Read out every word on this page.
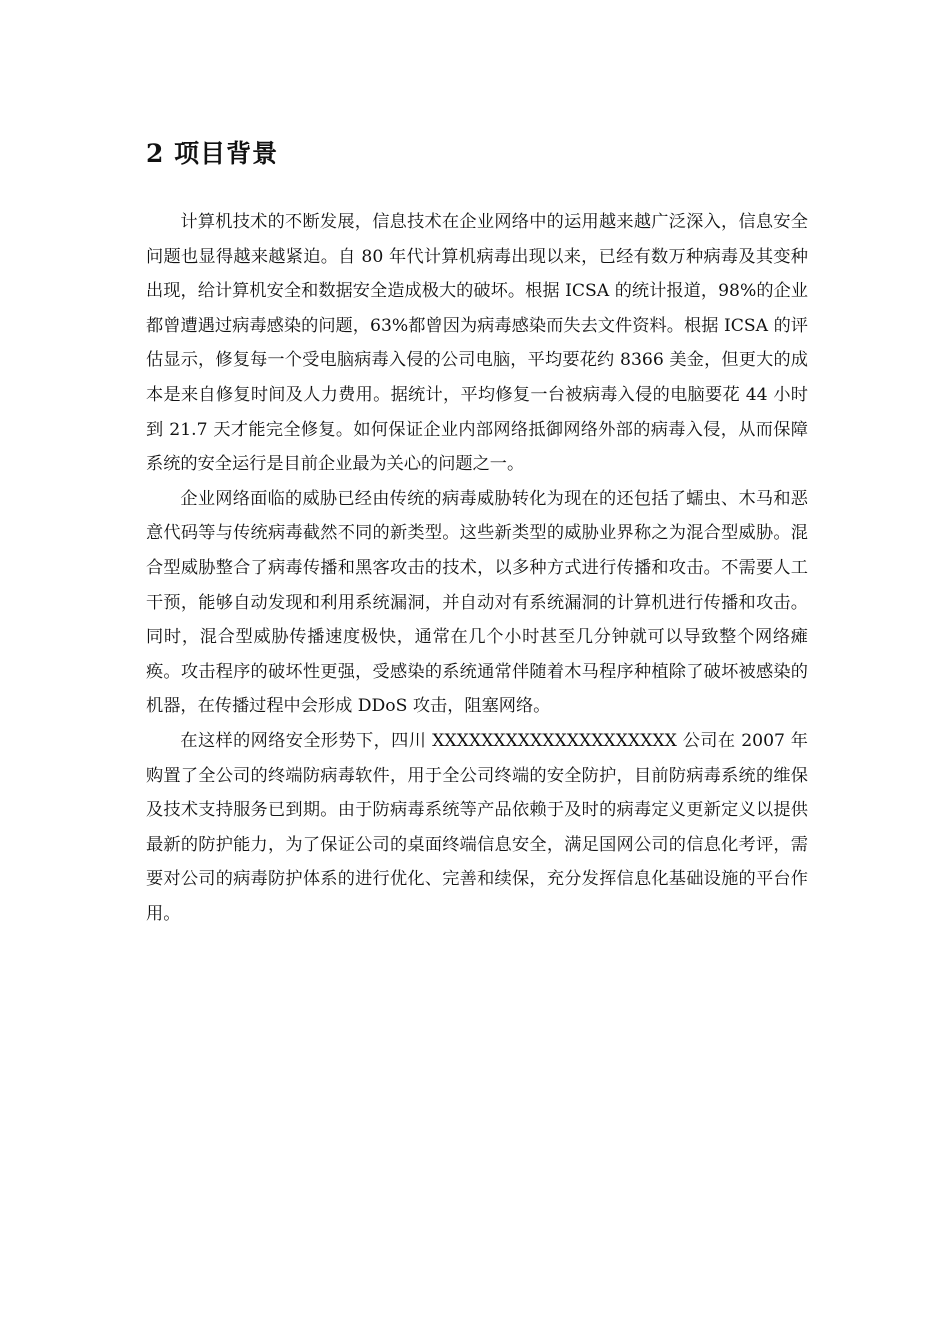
2 项目背景

计算机技术的不断发展，信息技术在企业网络中的运用越来越广泛深入，信息安全问题也显得越来越紧迫。自 80 年代计算机病毒出现以来，已经有数万种病毒及其变种出现，给计算机安全和数据安全造成极大的破坏。根据 ICSA 的统计报道，98%的企业都曾遭遇过病毒感染的问题，63%都曾因为病毒感染而失去文件资料。根据 ICSA 的评估显示，修复每一个受电脑病毒入侵的公司电脑，平均要花约 8366 美金，但更大的成本是来自修复时间及人力费用。据统计，平均修复一台被病毒入侵的电脑要花 44 小时到 21.7 天才能完全修复。如何保证企业内部网络抵御网络外部的病毒入侵，从而保障系统的安全运行是目前企业最为关心的问题之一。

企业网络面临的威胁已经由传统的病毒威胁转化为现在的还包括了蠕虫、木马和恶意代码等与传统病毒截然不同的新类型。这些新类型的威胁业界称之为混合型威胁。混合型威胁整合了病毒传播和黑客攻击的技术，以多种方式进行传播和攻击。不需要人工干预，能够自动发现和利用系统漏洞，并自动对有系统漏洞的计算机进行传播和攻击。同时，混合型威胁传播速度极快，通常在几个小时甚至几分钟就可以导致整个网络瘫痪。攻击程序的破坏性更强，受感染的系统通常伴随着木马程序种植除了破坏被感染的机器，在传播过程中会形成 DDoS 攻击，阻塞网络。

在这样的网络安全形势下，四川 XXXXXXXXXXXXXXXXXXXX 公司在 2007 年购置了全公司的终端防病毒软件，用于全公司终端的安全防护，目前防病毒系统的维保及技术支持服务已到期。由于防病毒系统等产品依赖于及时的病毒定义更新定义以提供最新的防护能力，为了保证公司的桌面终端信息安全，满足国网公司的信息化考评，需要对公司的病毒防护体系的进行优化、完善和续保，充分发挥信息化基础设施的平台作用。
